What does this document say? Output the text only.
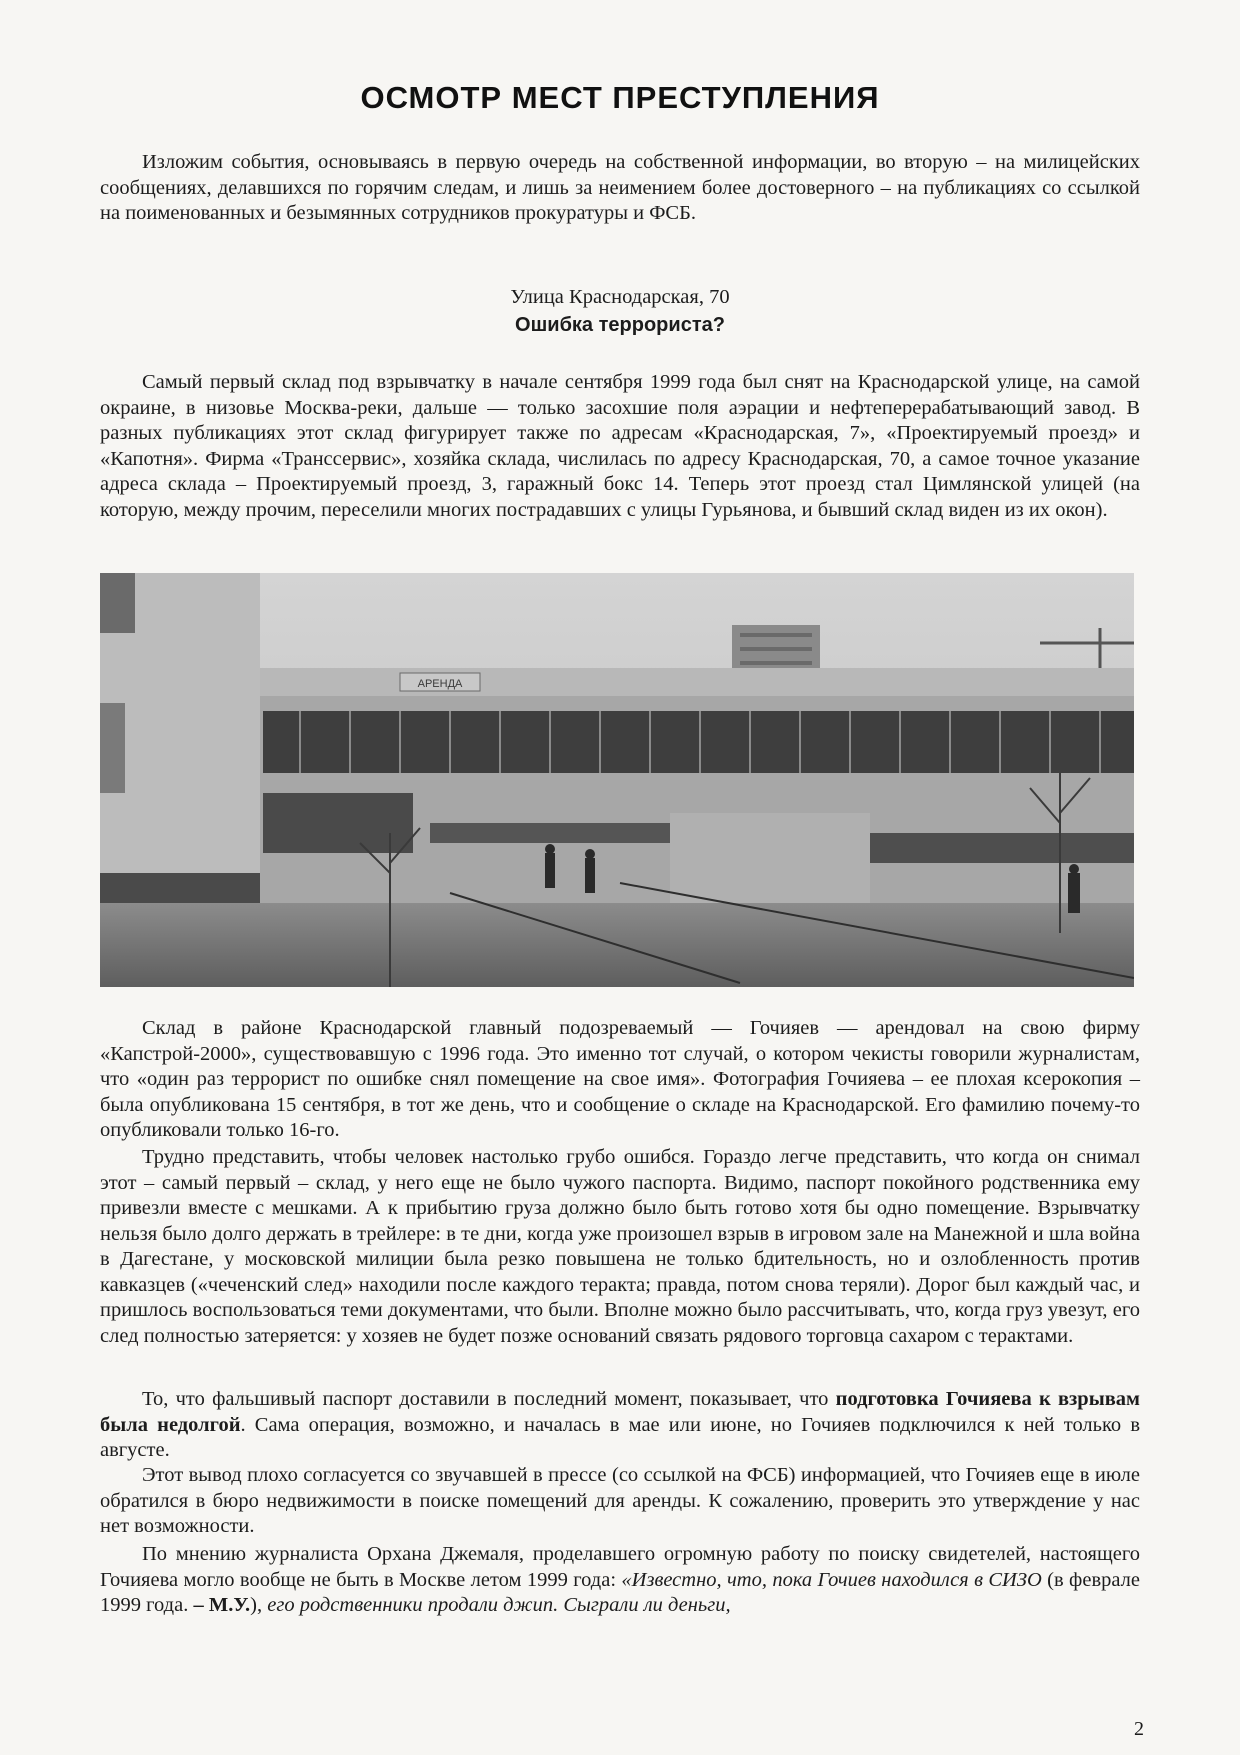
ОСМОТР МЕСТ ПРЕСТУПЛЕНИЯ

Изложим события, основываясь в первую очередь на собственной информации, во вторую – на милицейских сообщениях, делавшихся по горячим следам, и лишь за неимением более достоверного – на публикациях со ссылкой на поименованных и безымянных сотрудников прокуратуры и ФСБ.

Улица Краснодарская, 70

Ошибка террориста?

Самый первый склад под взрывчатку в начале сентября 1999 года был снят на Краснодарской улице, на самой окраине, в низовье Москва-реки, дальше — только засохшие поля аэрации и нефтеперерабатывающий завод. В разных публикациях этот склад фигурирует также по адресам «Краснодарская, 7», «Проектируемый проезд» и «Капотня». Фирма «Транссервис», хозяйка склада, числилась по адресу Краснодарская, 70, а самое точное указание адреса склада – Проектируемый проезд, 3, гаражный бокс 14. Теперь этот проезд стал Цимлянской улицей (на которую, между прочим, переселили многих пострадавших с улицы Гурьянова, и бывший склад виден из их окон).

АРЕНДА

Склад в районе Краснодарской главный подозреваемый — Гочияев — арендовал на свою фирму «Капстрой-2000», существовавшую с 1996 года. Это именно тот случай, о котором чекисты говорили журналистам, что «один раз террорист по ошибке снял помещение на свое имя». Фотография Гочияева – ее плохая ксерокопия – была опубликована 15 сентября, в тот же день, что и сообщение о складе на Краснодарской. Его фамилию почему-то опубликовали только 16-го.

Трудно представить, чтобы человек настолько грубо ошибся. Гораздо легче представить, что когда он снимал этот – самый первый – склад, у него еще не было чужого паспорта. Видимо, паспорт покойного родственника ему привезли вместе с мешками. А к прибытию груза должно было быть готово хотя бы одно помещение. Взрывчатку нельзя было долго держать в трейлере: в те дни, когда уже произошел взрыв в игровом зале на Манежной и шла война в Дагестане, у московской милиции была резко повышена не только бдительность, но и озлобленность против кавказцев («чеченский след» находили после каждого теракта; правда, потом снова теряли). Дорог был каждый час, и пришлось воспользоваться теми документами, что были. Вполне можно было рассчитывать, что, когда груз увезут, его след полностью затеряется: у хозяев не будет позже оснований связать рядового торговца сахаром с терактами.

То, что фальшивый паспорт доставили в последний момент, показывает, что подготовка Гочияева к взрывам была недолгой. Сама операция, возможно, и началась в мае или июне, но Гочияев подключился к ней только в августе.

Этот вывод плохо согласуется со звучавшей в прессе (со ссылкой на ФСБ) информацией, что Гочияев еще в июле обратился в бюро недвижимости в поиске помещений для аренды. К сожалению, проверить это утверждение у нас нет возможности.

По мнению журналиста Орхана Джемаля, проделавшего огромную работу по поиску свидетелей, настоящего Гочияева могло вообще не быть в Москве летом 1999 года: «Известно, что, пока Гочиев находился в СИЗО (в феврале 1999 года. – М.У.), его родственники продали джип. Сыграли ли деньги,

2
